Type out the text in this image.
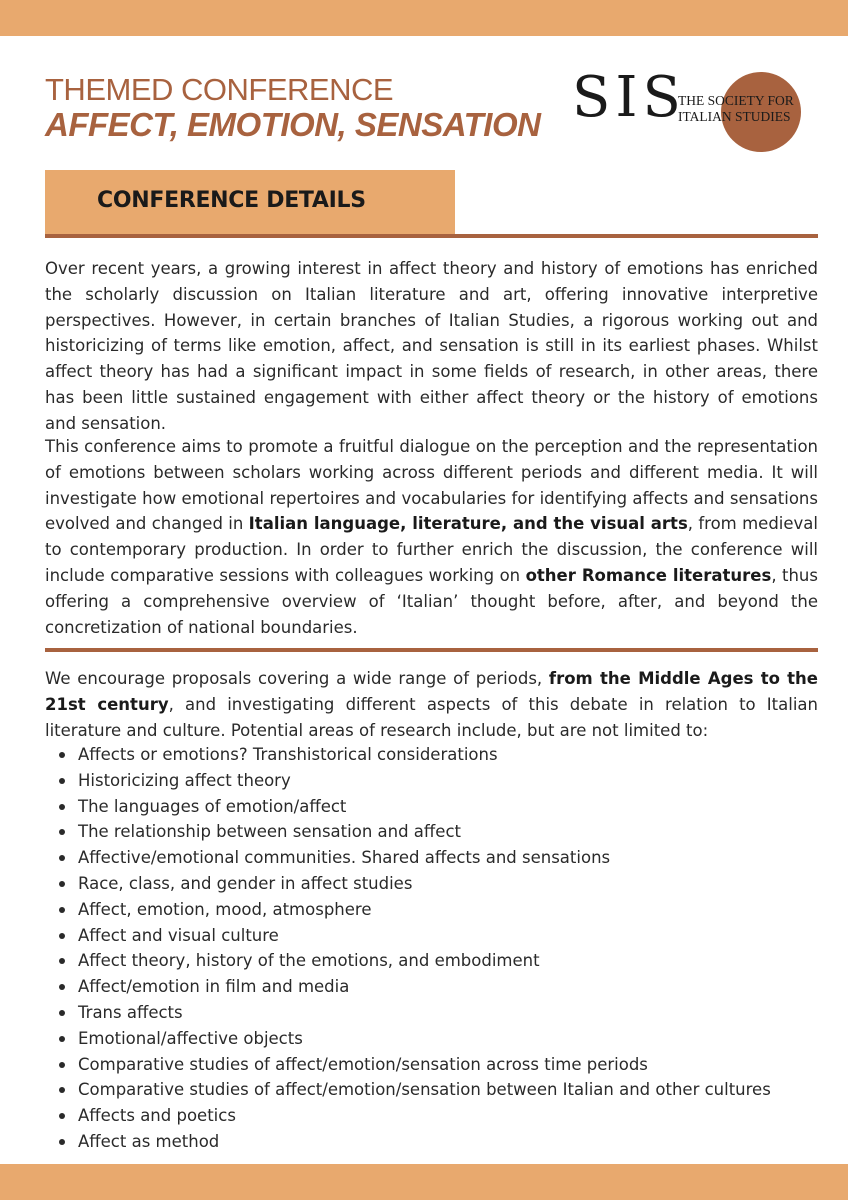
THEMED CONFERENCE
AFFECT, EMOTION, SENSATION SIS
THE SOCIETY FOR
ITALIAN STUDIES
CONFERENCE DETAILS

Over recent years, a growing interest in affect theory and history of emotions has enriched the scholarly discussion on Italian literature and art, offering innovative interpretive perspectives. However, in certain branches of Italian Studies, a rigorous working out and historicizing of terms like emotion, affect, and sensation is still in its earliest phases. Whilst affect theory has had a significant impact in some fields of research, in other areas, there has been little sustained engagement with either affect theory or the history of emotions and sensation.

This conference aims to promote a fruitful dialogue on the perception and the representation of emotions between scholars working across different periods and different media. It will investigate how emotional repertoires and vocabularies for identifying affects and sensations evolved and changed in Italian language, literature, and the visual arts, from medieval to contemporary production. In order to further enrich the discussion, the conference will include comparative sessions with colleagues working on other Romance literatures, thus offering a comprehensive overview of ‘Italian’ thought before, after, and beyond the concretization of national boundaries.

We encourage proposals covering a wide range of periods, from the Middle Ages to the 21st century, and investigating different aspects of this debate in relation to Italian literature and culture. Potential areas of research include, but are not limited to:

Affects or emotions? Transhistorical considerations
Historicizing affect theory
The languages of emotion/affect
The relationship between sensation and affect
Affective/emotional communities. Shared affects and sensations
Race, class, and gender in affect studies
Affect, emotion, mood, atmosphere
Affect and visual culture
Affect theory, history of the emotions, and embodiment
Affect/emotion in film and media
Trans affects
Emotional/affective objects
Comparative studies of affect/emotion/sensation across time periods
Comparative studies of affect/emotion/sensation between Italian and other cultures
Affects and poetics
Affect as method
